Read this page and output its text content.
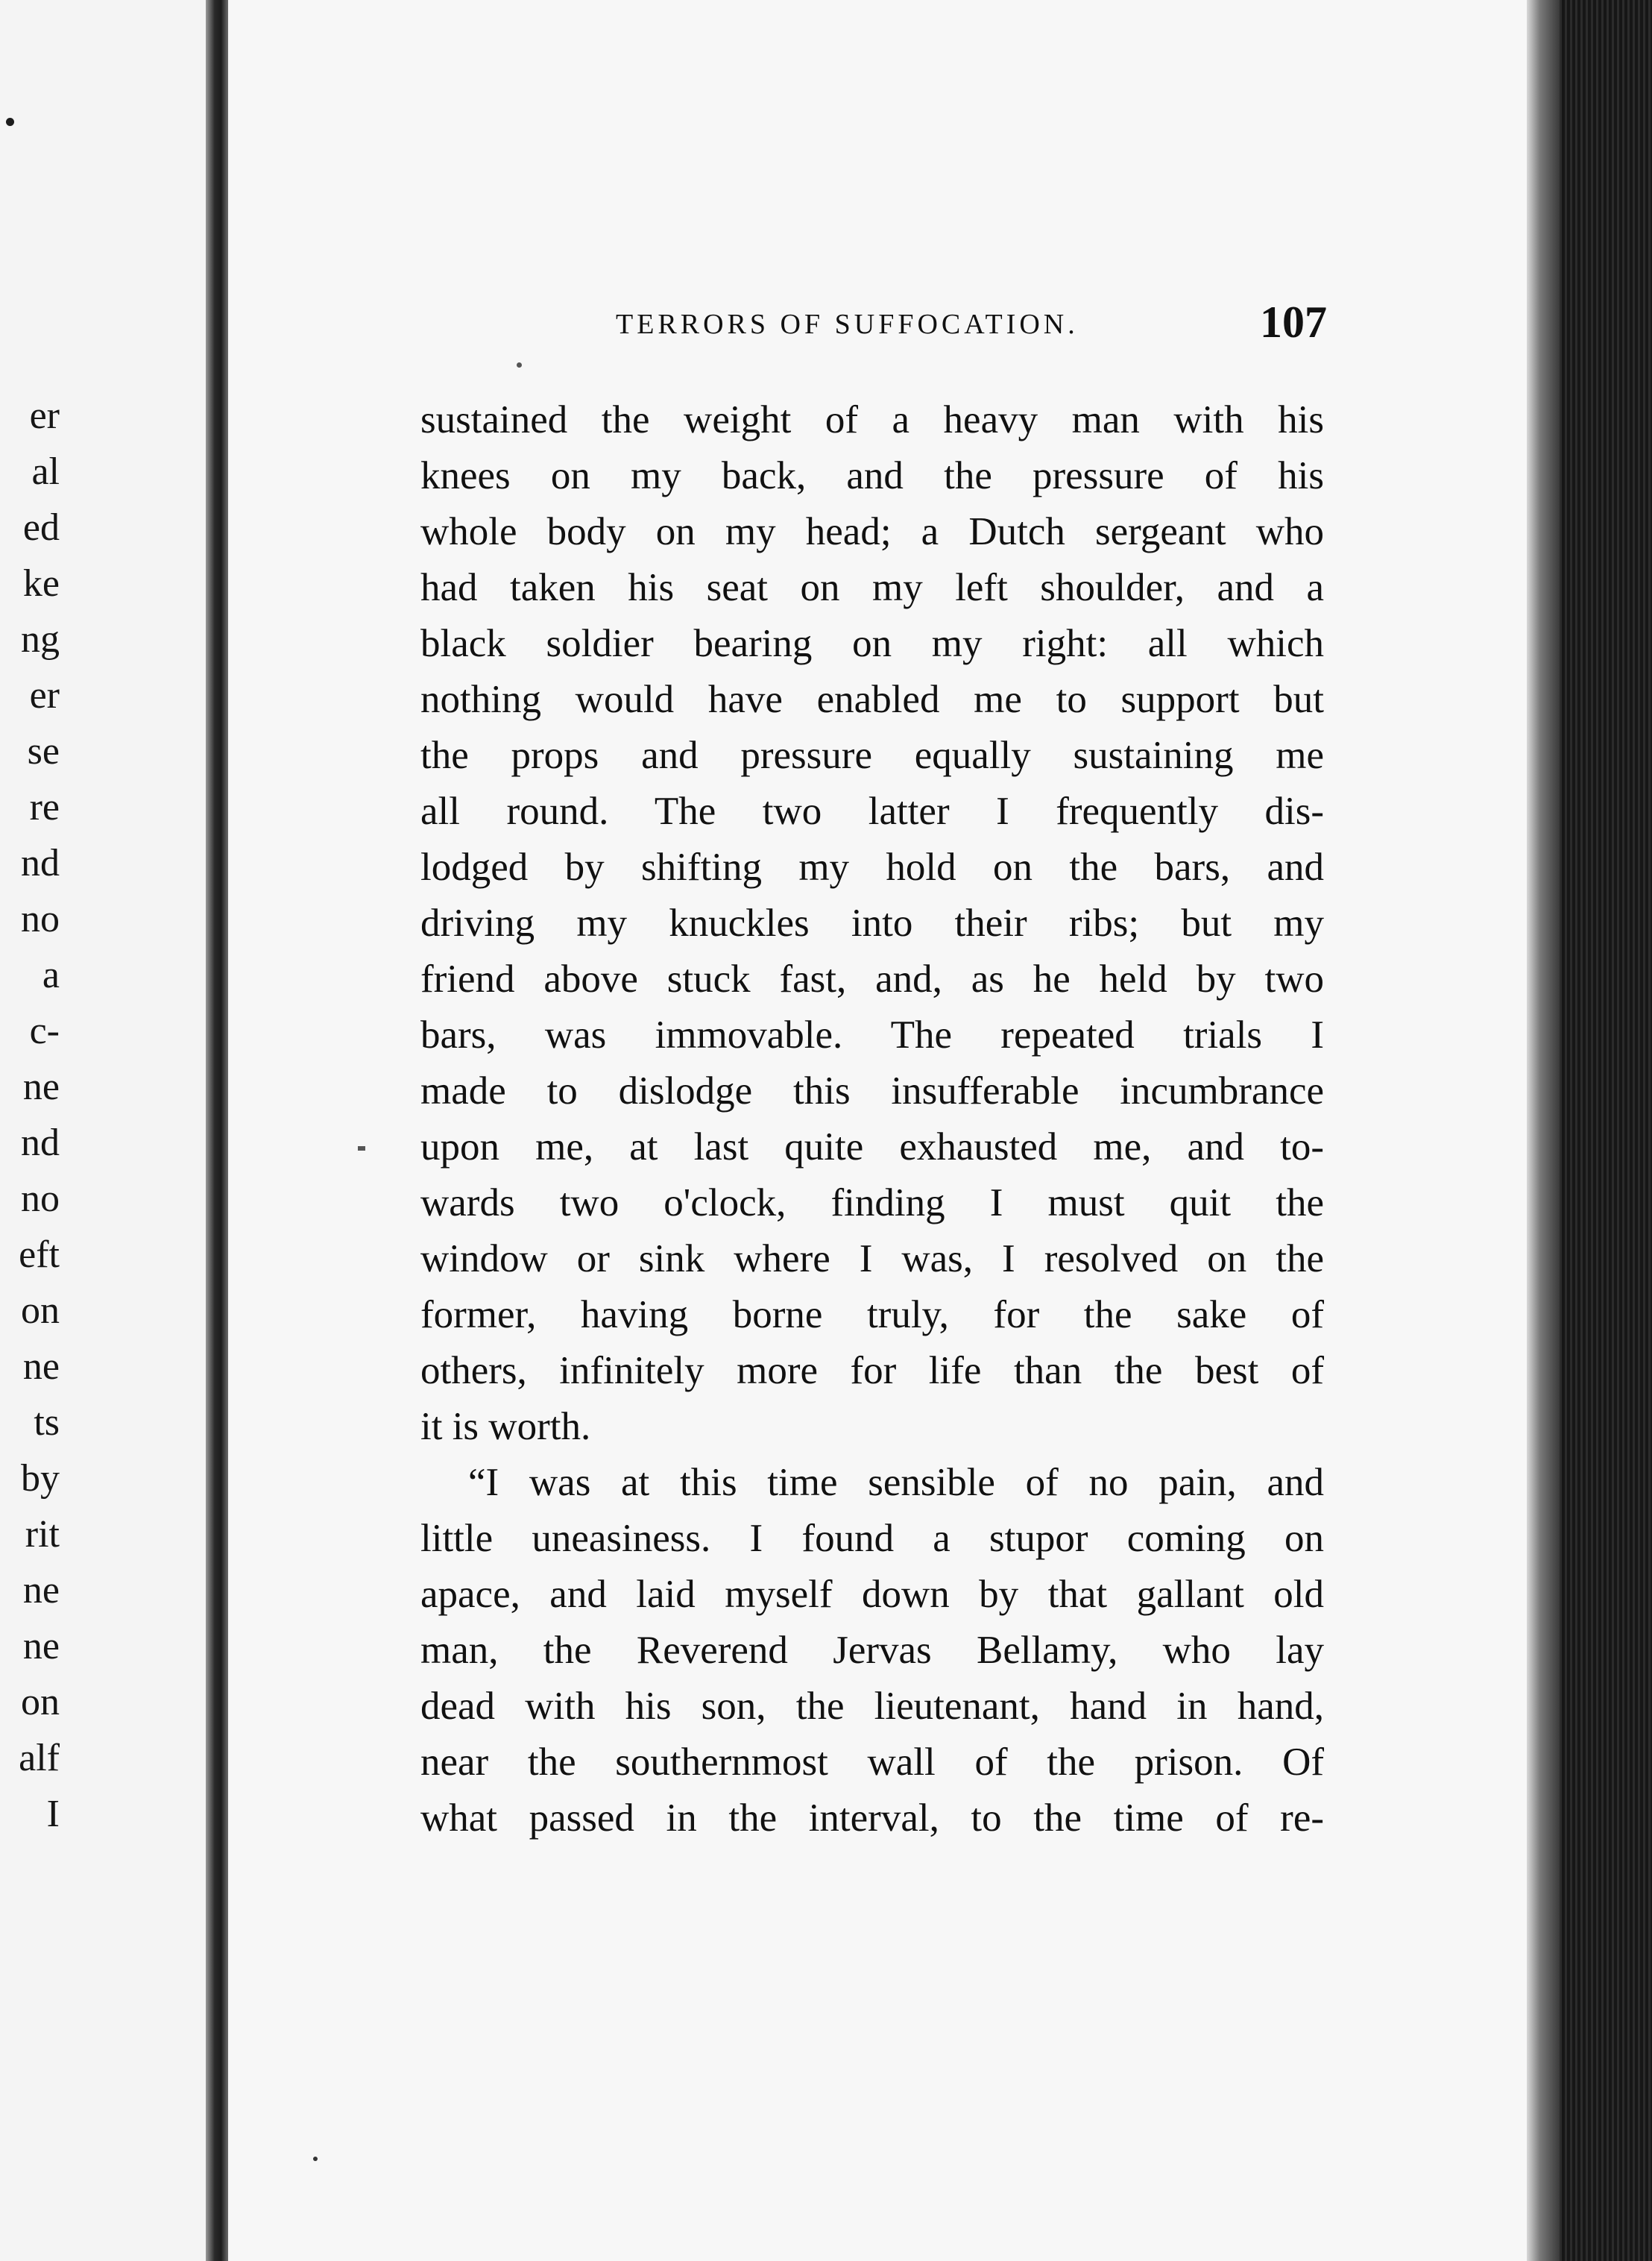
er
al
ed
ke
ng
er
se
re
nd
no
a
c-
ne
nd
no
eft
on
ne
ts
by
rit
ne
ne
on
alf
I
TERRORS OF SUFFOCATION.	107
sustained the weight of a heavy man with his
knees on my back, and the pressure of his
whole body on my head; a Dutch sergeant who
had taken his seat on my left shoulder, and a
black soldier bearing on my right: all which
nothing would have enabled me to support but
the props and pressure equally sustaining me
all round. The two latter I frequently dis-
lodged by shifting my hold on the bars, and
driving my knuckles into their ribs; but my
friend above stuck fast, and, as he held by two
bars, was immovable. The repeated trials I
made to dislodge this insufferable incumbrance
upon me, at last quite exhausted me, and to-
wards two o'clock, finding I must quit the
window or sink where I was, I resolved on the
former, having borne truly, for the sake of
others, infinitely more for life than the best of
it is worth.
“I was at this time sensible of no pain, and
little uneasiness. I found a stupor coming on
apace, and laid myself down by that gallant old
man, the Reverend Jervas Bellamy, who lay
dead with his son, the lieutenant, hand in hand,
near the southernmost wall of the prison. Of
what passed in the interval, to the time of re-
